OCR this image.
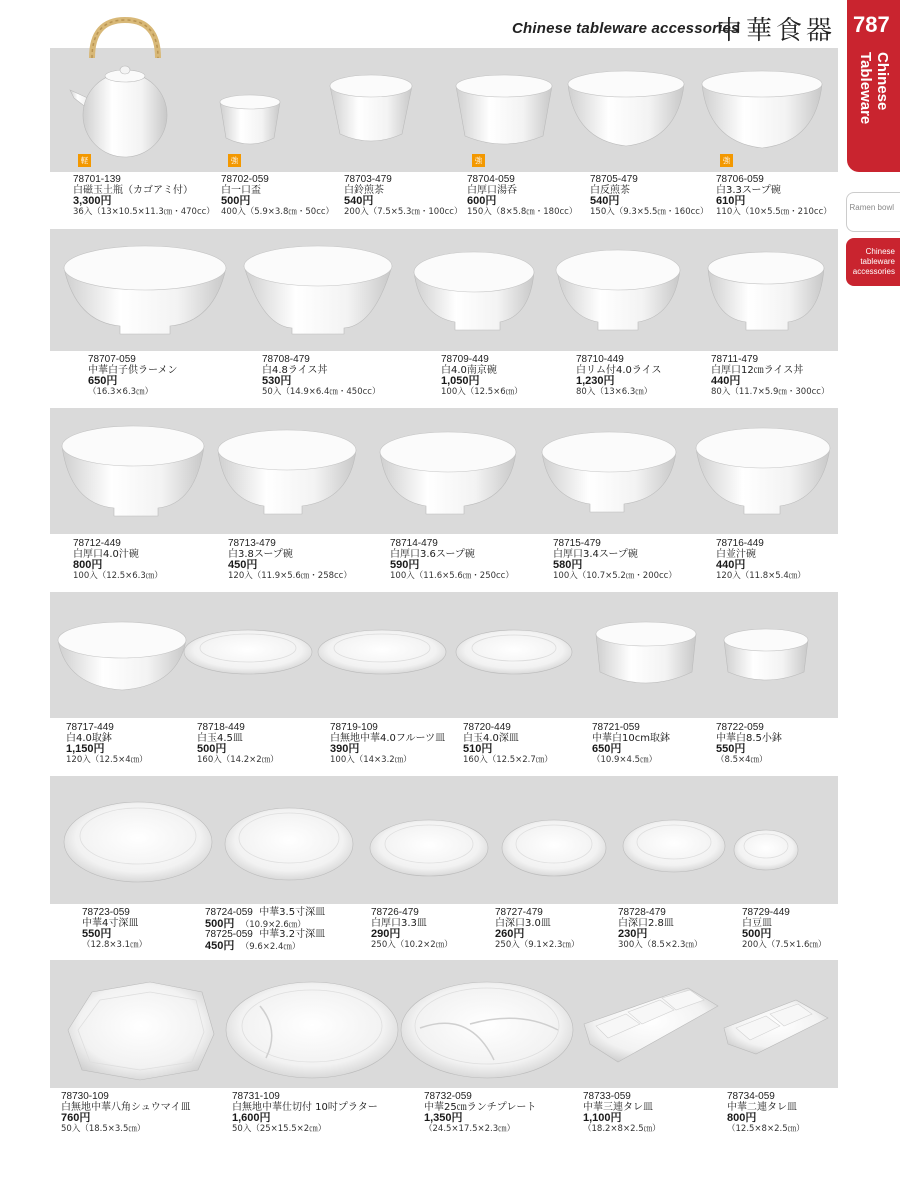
Chinese tableware accessories
中華食器 787
Chinese Tableware
Ramen bowl
Chinese tableware accessories
軽	強	強	強
78701-139
白磁玉土瓶（カゴアミ付）
3,300円
36入（13×10.5×11.3㎝・470cc）
78702-059
白一口盃
500円
400入（5.9×3.8㎝・50cc）
78703-479
白鈴煎茶
540円
200入（7.5×5.3㎝・100cc）
78704-059
白厚口湯呑
600円
150入（8×5.8㎝・180cc）
78705-479
白反煎茶
540円
150入（9.3×5.5㎝・160cc）
78706-059
白3.3スープ碗
610円
110入（10×5.5㎝・210cc）
78707-059
中華白子供ラーメン
650円
（16.3×6.3㎝）
78708-479
白4.8ライス丼
530円
50入（14.9×6.4㎝・450cc）
78709-449
白4.0南京碗
1,050円
100入（12.5×6㎝）
78710-449
白リム付4.0ライス
1,230円
80入（13×6.3㎝）
78711-479
白厚口12㎝ライス丼
440円
80入（11.7×5.9㎝・300cc）
78712-449
白厚口4.0汁碗
800円
100入（12.5×6.3㎝）
78713-479
白3.8スープ碗
450円
120入（11.9×5.6㎝・258cc）
78714-479
白厚口3.6スープ碗
590円
100入（11.6×5.6㎝・250cc）
78715-479
白厚口3.4スープ碗
580円
100入（10.7×5.2㎝・200cc）
78716-449
白並汁碗
440円
120入（11.8×5.4㎝）
78717-449
白4.0取鉢
1,150円
120入（12.5×4㎝）
78718-449
白玉4.5皿
500円
160入（14.2×2㎝）
78719-109
白無地中華4.0フルーツ皿
390円
100入（14×3.2㎝）
78720-449
白玉4.0深皿
510円
160入（12.5×2.7㎝）
78721-059
中華白10cm取鉢
650円
（10.9×4.5㎝）
78722-059
中華白8.5小鉢
550円
（8.5×4㎝）
78723-059
中華4寸深皿
550円
（12.8×3.1㎝）
78724-059 中華3.5寸深皿
500円 （10.9×2.6㎝）
78725-059 中華3.2寸深皿
450円 （9.6×2.4㎝）
78726-479
白厚口3.3皿
290円
250入（10.2×2㎝）
78727-479
白深口3.0皿
260円
250入（9.1×2.3㎝）
78728-479
白深口2.8皿
230円
300入（8.5×2.3㎝）
78729-449
白豆皿
500円
200入（7.5×1.6㎝）
78730-109
白無地中華八角シュウマイ皿
760円
50入（18.5×3.5㎝）
78731-109
白無地中華仕切付 10吋プラター
1,600円
50入（25×15.5×2㎝）
78732-059
中華25㎝ランチプレート
1,350円
（24.5×17.5×2.3㎝）
78733-059
中華三連タレ皿
1,100円
（18.2×8×2.5㎝）
78734-059
中華二連タレ皿
800円
（12.5×8×2.5㎝）
